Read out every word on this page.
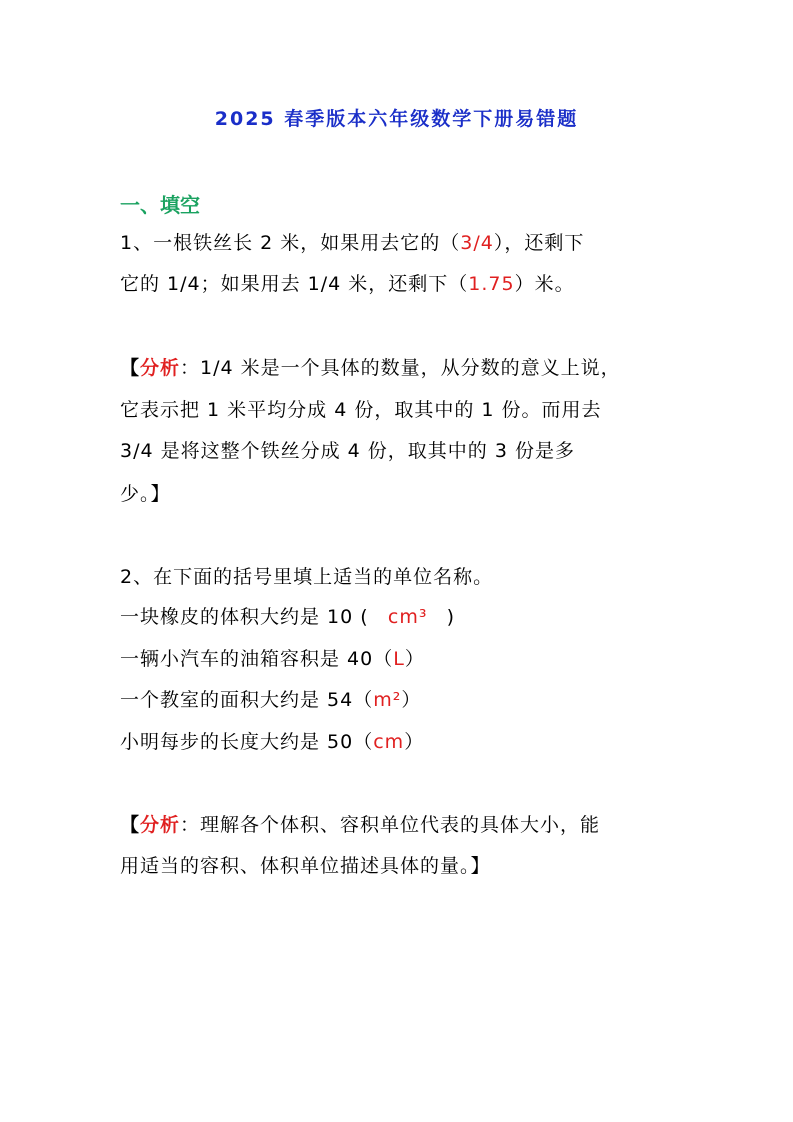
2025 春季版本六年级数学下册易错题
一、填空
1、一根铁丝长 2 米，如果用去它的（3/4），还剩下
它的 1/4；如果用去 1/4 米，还剩下（1.75）米。
【分析：1/4 米是一个具体的数量，从分数的意义上说，
它表示把 1 米平均分成 4 份，取其中的 1 份。而用去
3/4 是将这整个铁丝分成 4 份，取其中的 3 份是多
少。】
2、在下面的括号里填上适当的单位名称。
一块橡皮的体积大约是 10 ( cm³ )
一辆小汽车的油箱容积是 40（L）
一个教室的面积大约是 54（m²）
小明每步的长度大约是 50（cm）
【分析：理解各个体积、容积单位代表的具体大小，能
用适当的容积、体积单位描述具体的量。】
